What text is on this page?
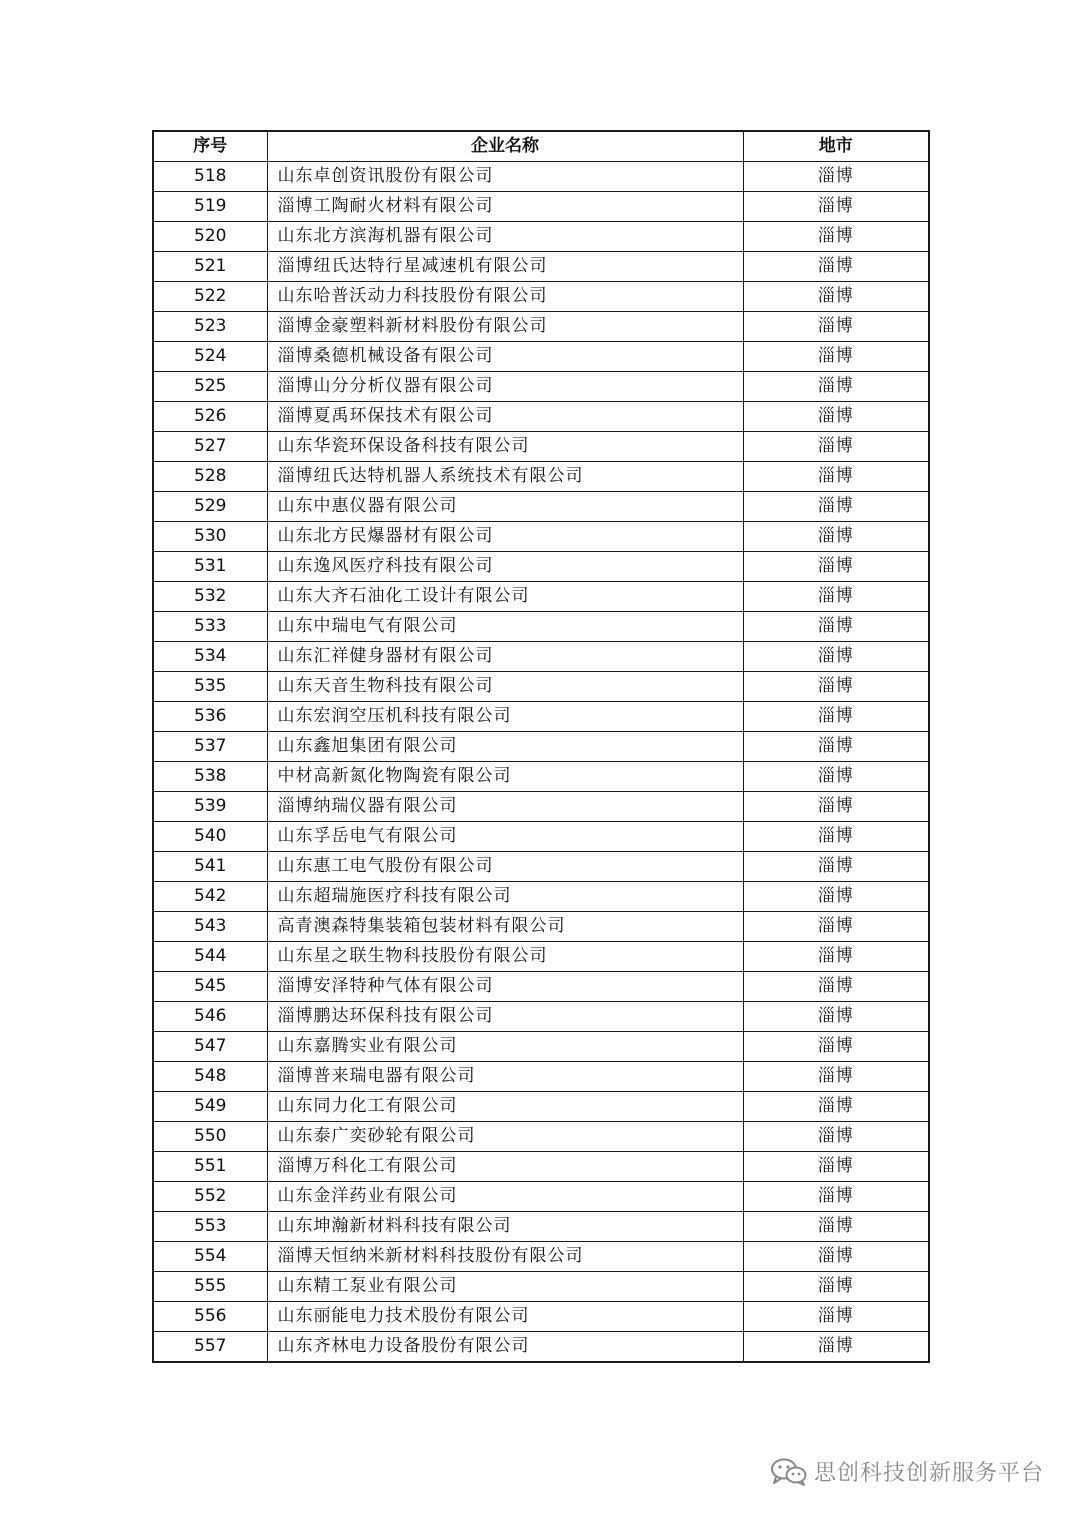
序号	企业名称	地市
518	山东卓创资讯股份有限公司	淄博
519	淄博工陶耐火材料有限公司	淄博
520	山东北方滨海机器有限公司	淄博
521	淄博纽氏达特行星减速机有限公司	淄博
522	山东哈普沃动力科技股份有限公司	淄博
523	淄博金豪塑料新材料股份有限公司	淄博
524	淄博桑德机械设备有限公司	淄博
525	淄博山分分析仪器有限公司	淄博
526	淄博夏禹环保技术有限公司	淄博
527	山东华瓷环保设备科技有限公司	淄博
528	淄博纽氏达特机器人系统技术有限公司	淄博
529	山东中惠仪器有限公司	淄博
530	山东北方民爆器材有限公司	淄博
531	山东逸风医疗科技有限公司	淄博
532	山东大齐石油化工设计有限公司	淄博
533	山东中瑞电气有限公司	淄博
534	山东汇祥健身器材有限公司	淄博
535	山东天音生物科技有限公司	淄博
536	山东宏润空压机科技有限公司	淄博
537	山东鑫旭集团有限公司	淄博
538	中材高新氮化物陶瓷有限公司	淄博
539	淄博纳瑞仪器有限公司	淄博
540	山东孚岳电气有限公司	淄博
541	山东惠工电气股份有限公司	淄博
542	山东超瑞施医疗科技有限公司	淄博
543	高青澳森特集装箱包装材料有限公司	淄博
544	山东星之联生物科技股份有限公司	淄博
545	淄博安泽特种气体有限公司	淄博
546	淄博鹏达环保科技有限公司	淄博
547	山东嘉腾实业有限公司	淄博
548	淄博普来瑞电器有限公司	淄博
549	山东同力化工有限公司	淄博
550	山东泰广奕砂轮有限公司	淄博
551	淄博万科化工有限公司	淄博
552	山东金洋药业有限公司	淄博
553	山东坤瀚新材料科技有限公司	淄博
554	淄博天恒纳米新材料科技股份有限公司	淄博
555	山东精工泵业有限公司	淄博
556	山东丽能电力技术股份有限公司	淄博
557	山东齐林电力设备股份有限公司	淄博
思创科技创新服务平台
